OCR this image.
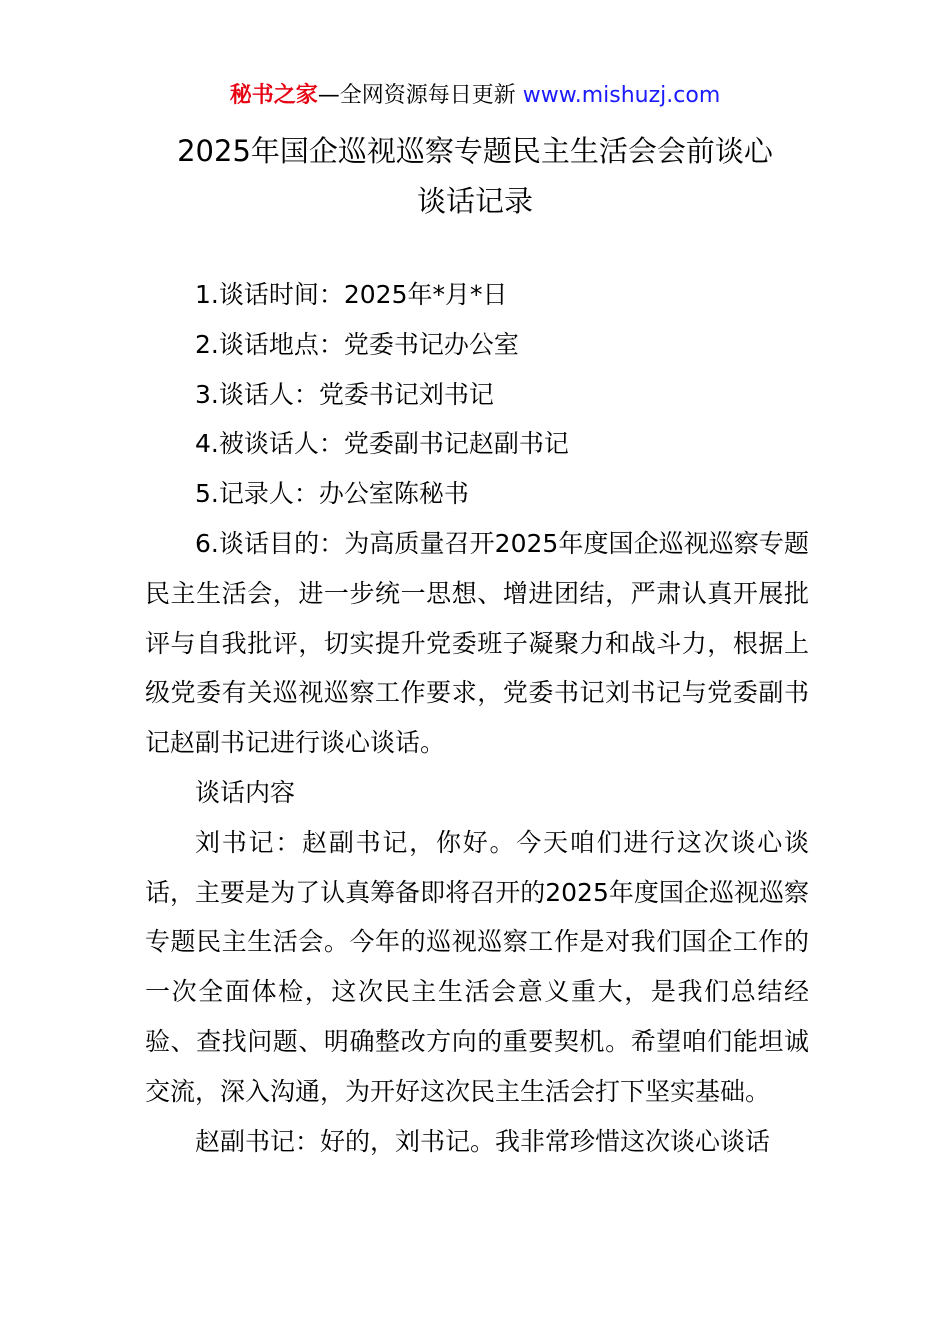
秘书之家—全网资源每日更新 www.mishuzj.com
2025年国企巡视巡察专题民主生活会会前谈心
谈话记录

1.谈话时间：2025年*月*日

2.谈话地点：党委书记办公室

3.谈话人：党委书记刘书记

4.被谈话人：党委副书记赵副书记

5.记录人：办公室陈秘书

6.谈话目的：为高质量召开2025年度国企巡视巡察专题民主生活会，进一步统一思想、增进团结，严肃认真开展批评与自我批评，切实提升党委班子凝聚力和战斗力，根据上级党委有关巡视巡察工作要求，党委书记刘书记与党委副书记赵副书记进行谈心谈话。

谈话内容

刘书记：赵副书记，你好。今天咱们进行这次谈心谈话，主要是为了认真筹备即将召开的2025年度国企巡视巡察专题民主生活会。今年的巡视巡察工作是对我们国企工作的一次全面体检，这次民主生活会意义重大，是我们总结经验、查找问题、明确整改方向的重要契机。希望咱们能坦诚交流，深入沟通，为开好这次民主生活会打下坚实基础。

赵副书记：好的，刘书记。我非常珍惜这次谈心谈话
